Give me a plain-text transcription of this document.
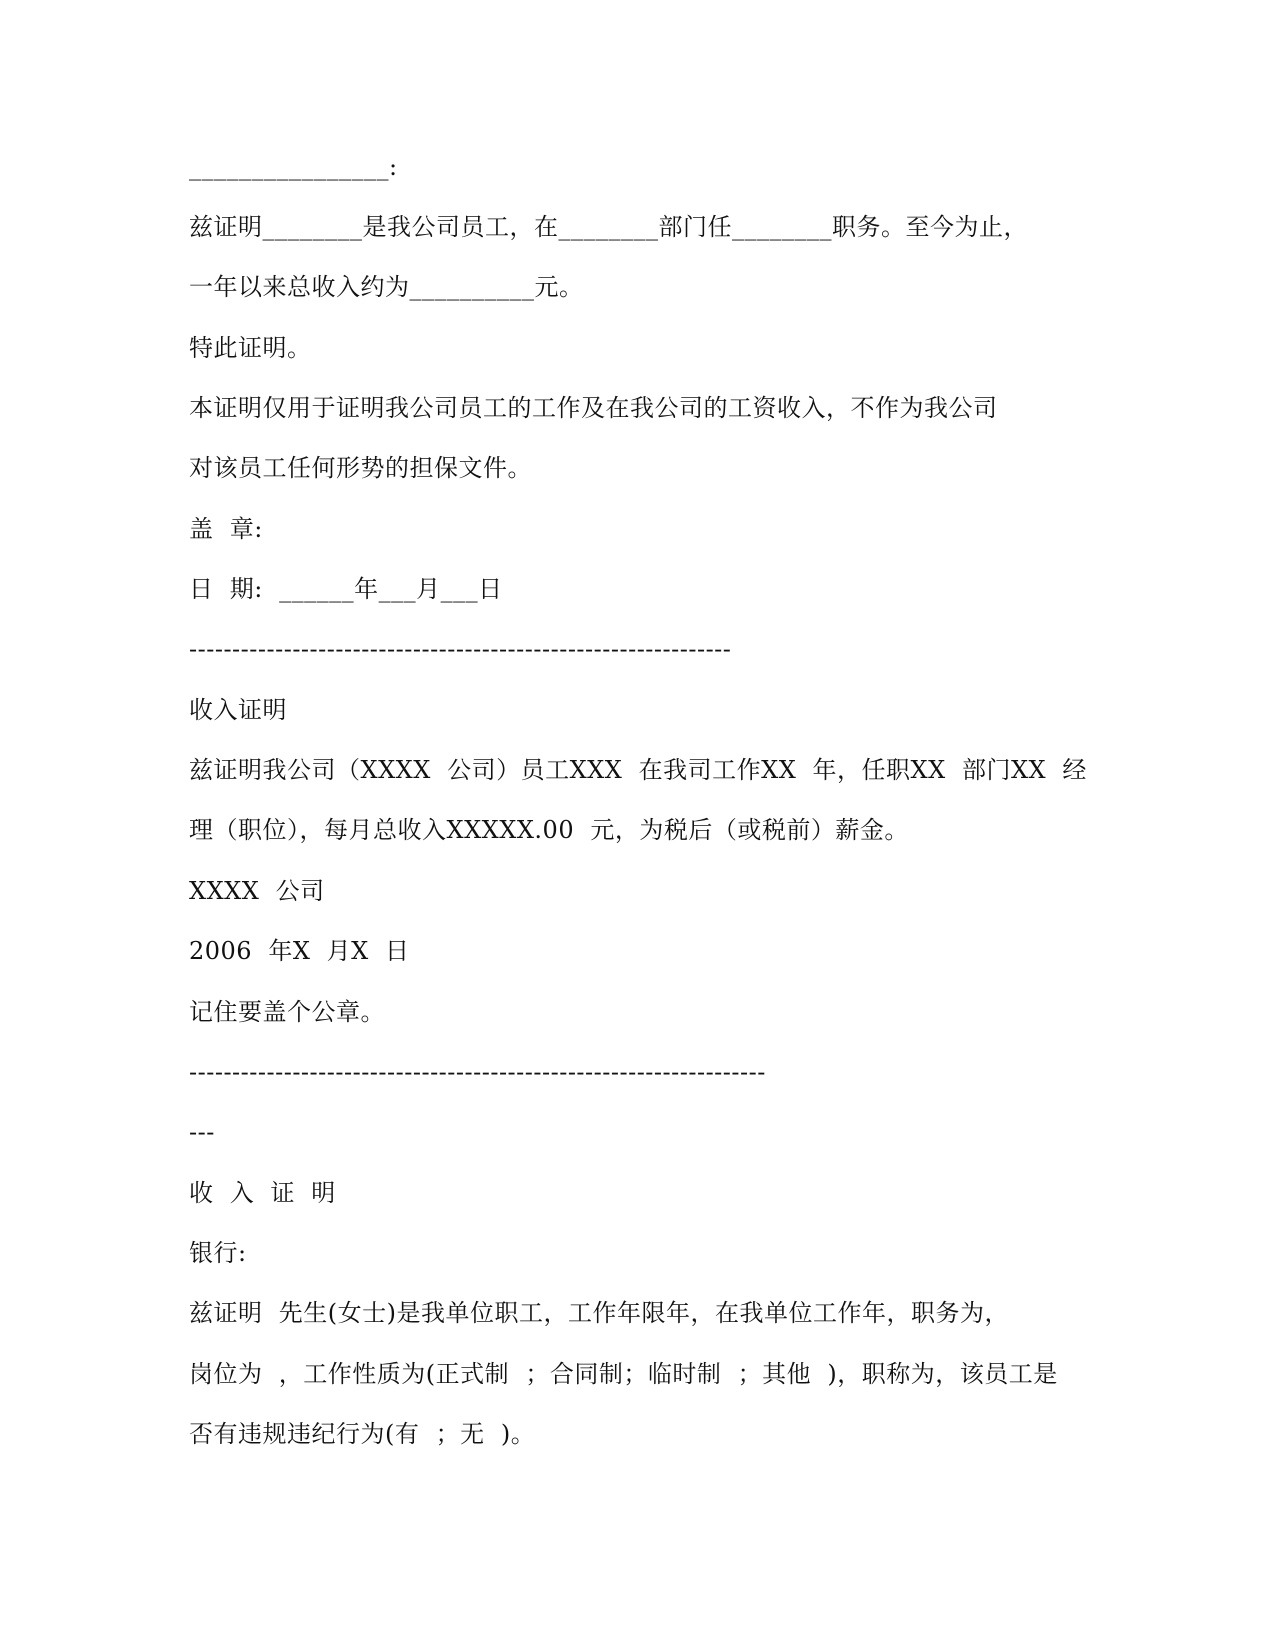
________________:
兹证明________是我公司员工，在________部门任________职务。至今为止，
一年以来总收入约为__________元。
特此证明。
本证明仅用于证明我公司员工的工作及在我公司的工资收入，不作为我公司
对该员工任何形势的担保文件。
盖  章:
日  期:  ______年___月___日
---------------------------------------------------------------
收入证明
兹证明我公司（XXXX  公司）员工XXX  在我司工作XX  年，任职XX  部门XX  经
理（职位），每月总收入XXXXX.00  元，为税后（或税前）薪金。
XXXX  公司
2006  年X  月X  日
记住要盖个公章。
-------------------------------------------------------------------
---
收  入  证  明
银行:
兹证明  先生(女士)是我单位职工，工作年限年，在我单位工作年，职务为，
岗位为  ，工作性质为(正式制  ；合同制；临时制  ；其他  )，职称为，该员工是
否有违规违纪行为(有  ；无  )。
